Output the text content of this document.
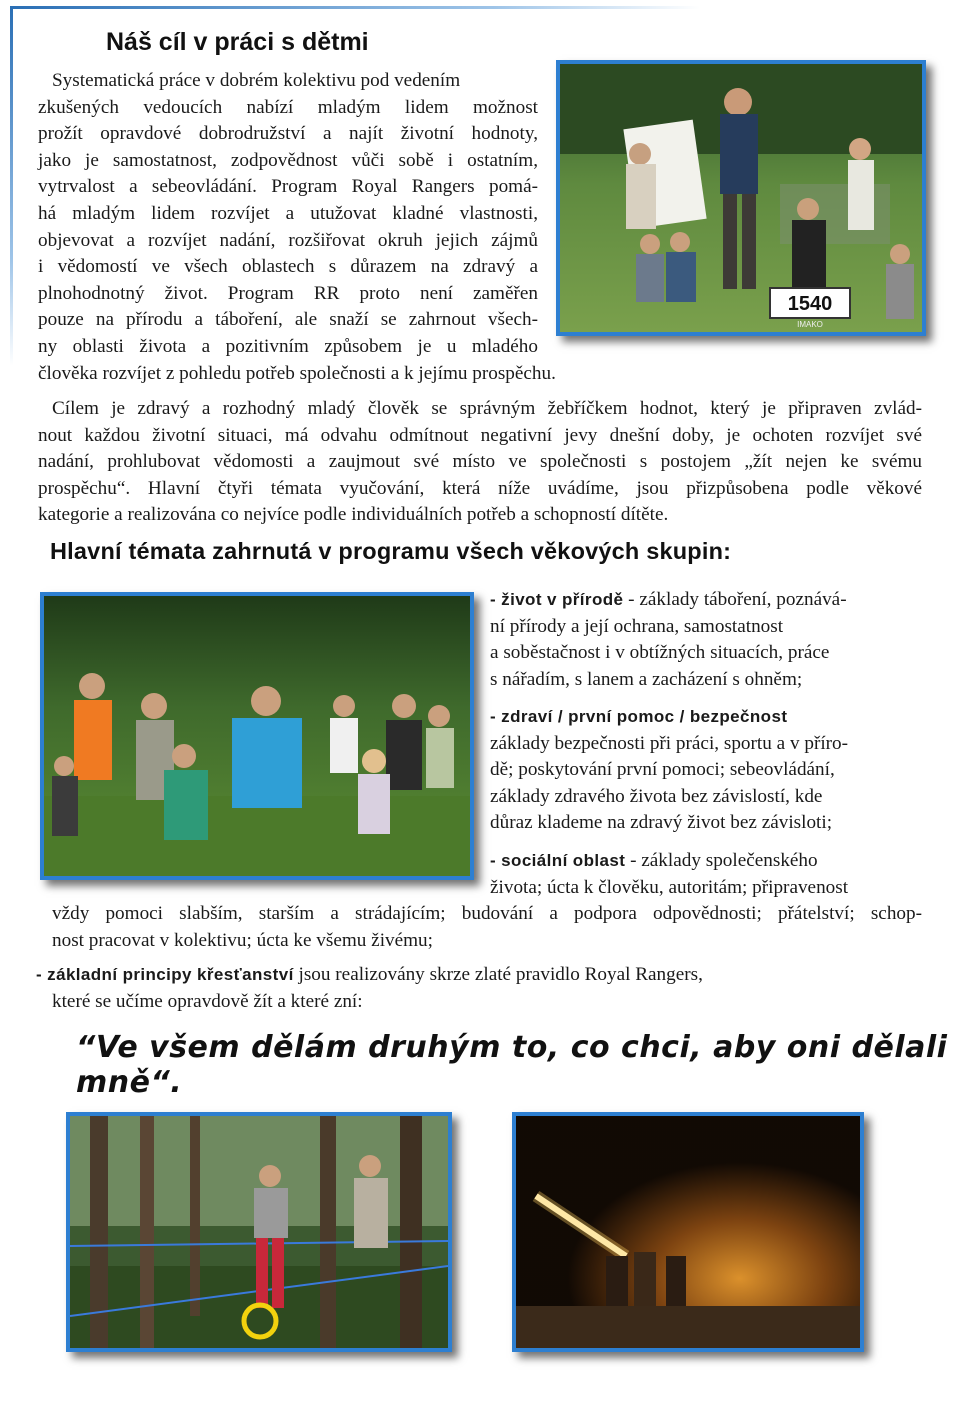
Náš cíl v práci s dětmi
Systematická práce v dobrém kolektivu pod vedením
zkušených vedoucích nabízí mladým lidem možnost
prožít opravdové dobrodružství a najít životní hodnoty,
jako je samostatnost, zodpovědnost vůči sobě i ostatním,
vytrvalost a sebeovládání. Program Royal Rangers pomá-
há mladým lidem rozvíjet a utužovat kladné vlastnosti,
objevovat a rozvíjet nadání, rozšiřovat okruh jejich zájmů
i vědomostí ve všech oblastech s důrazem na zdravý a
plnohodnotný život. Program RR proto není zaměřen
pouze na přírodu a táboření, ale snaží se zahrnout všech-
ny oblasti života a pozitivním způsobem je u mladého
člověka rozvíjet z pohledu potřeb společnosti a k jejímu prospěchu.
1540
IMAKO
Cílem je zdravý a rozhodný mladý člověk se správným žebříčkem hodnot, který je připraven zvlád-
nout každou životní situaci, má odvahu odmítnout negativní jevy dnešní doby, je ochoten rozvíjet své
nadání, prohlubovat vědomosti a zaujmout své místo ve společnosti s postojem „žít nejen ke svému
prospěchu“. Hlavní čtyři témata vyučování, která níže uvádíme, jsou přizpůsobena podle věkové
kategorie a realizována co nejvíce podle individuálních potřeb a schopností dítěte.
Hlavní témata zahrnutá v programu všech věkových skupin:
- život v přírodě - základy táboření, poznává-
ní přírody a její ochrana, samostatnost
a soběstačnost i v obtížných situacích, práce
s nářadím, s lanem a zacházení s ohněm;
- zdraví / první pomoc / bezpečnost
základy bezpečnosti při práci, sportu a v příro-
dě; poskytování první pomoci; sebeovládání,
základy zdravého života bez závislostí, kde
důraz klademe na zdravý život bez závisloti;
- sociální oblast - základy společenského
života; úcta k člověku, autoritám; připravenost
vždy pomoci slabším, starším a strádajícím; budování a podpora odpovědnosti; přátelství; schop-
nost pracovat v kolektivu; úcta ke všemu živému;
- základní principy křesťanství jsou realizovány skrze zlaté pravidlo Royal Rangers,
které se učíme opravdově žít a které zní:

“Ve všem dělám druhým to, co chci, aby oni dělali mně“.
